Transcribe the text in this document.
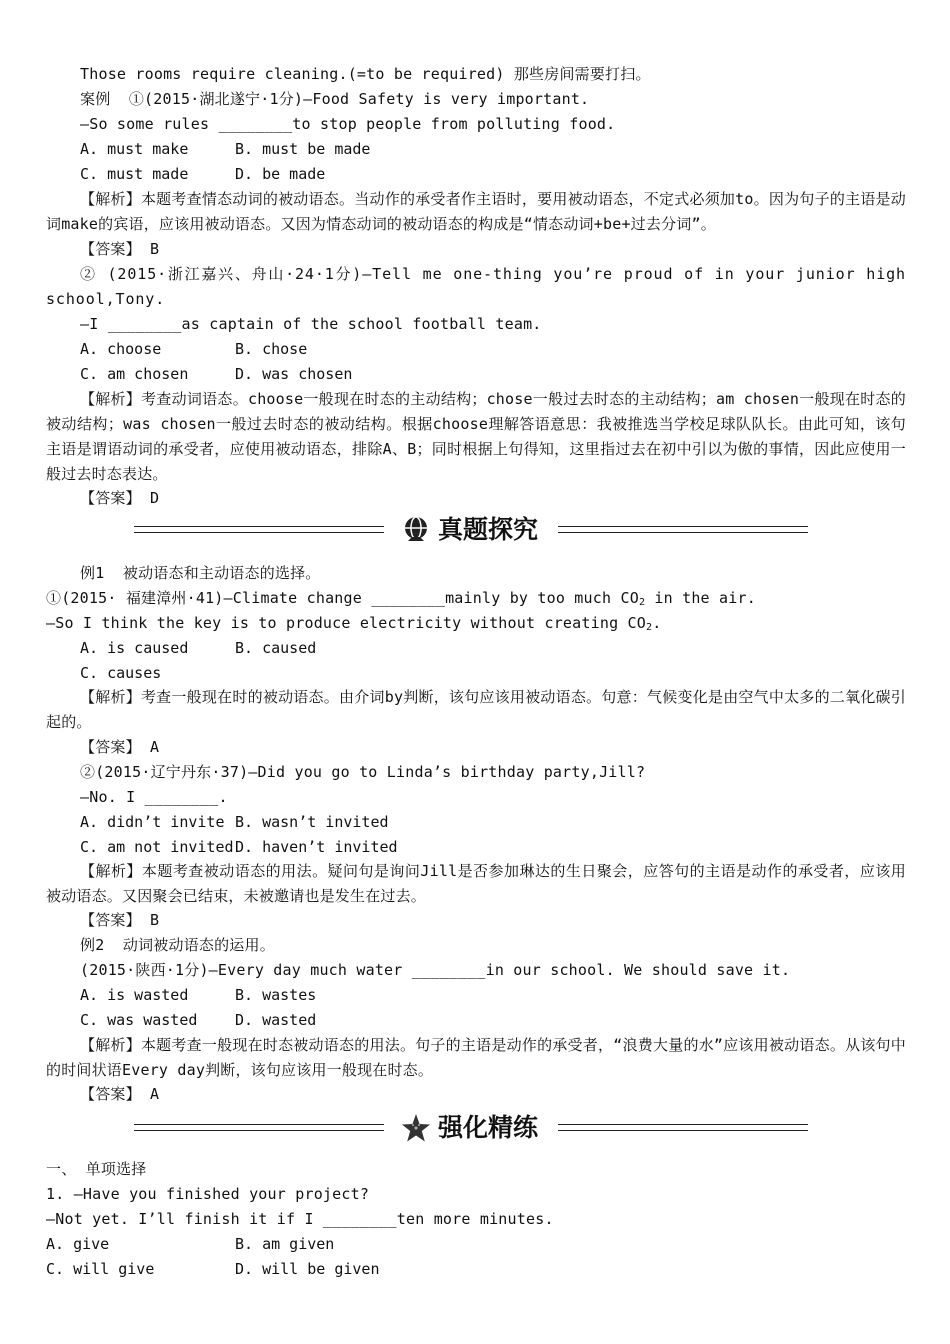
Those rooms require cleaning.(=to be required) 那些房间需要打扫。
案例  ①(2015·湖北遂宁·1分)—Food Safety is very important.
—So some rules ________to stop people from polluting food.
A. must make	B. must be made
C. must made	D. be made
【解析】本题考查情态动词的被动语态。当动作的承受者作主语时，要用被动语态，不定式必须加to。因为句子的主语是动词make的宾语，应该用被动语态。又因为情态动词的被动语态的构成是“情态动词+be+过去分词”。
【答案】 B
② (2015·浙江嘉兴、舟山·24·1分)—Tell me one-thing you’re proud of in your junior high school,Tony.
—I ________as captain of the school football team.
A. choose	B. chose
C. am chosen	D. was chosen
【解析】考查动词语态。choose一般现在时态的主动结构；chose一般过去时态的主动结构；am chosen一般现在时态的被动结构；was chosen一般过去时态的被动结构。根据choose理解答语意思：我被推选当学校足球队队长。由此可知，该句主语是谓语动词的承受者，应使用被动语态，排除A、B；同时根据上句得知，这里指过去在初中引以为傲的事情，因此应使用一般过去时态表达。
【答案】 D
真题探究
例1  被动语态和主动语态的选择。
①(2015· 福建漳州·41)—Climate change ________mainly by too much $CO_2$ in the air.
—So I think the key is to produce electricity without creating $CO_2$.
A. is caused	B. caused
C. causes
【解析】考查一般现在时的被动语态。由介词by判断，该句应该用被动语态。句意：气候变化是由空气中太多的二氧化碳引起的。
【答案】 A
②(2015·辽宁丹东·37)—Did you go to Linda’s birthday party,Jill?
—No. I ________.
A. didn’t invite B. wasn’t invited
C. am not invited D. haven’t invited
【解析】本题考查被动语态的用法。疑问句是询问Jill是否参加琳达的生日聚会，应答句的主语是动作的承受者，应该用被动语态。又因聚会已结束，未被邀请也是发生在过去。
【答案】 B
例2  动词被动语态的运用。
(2015·陕西·1分)—Every day much water ________in our school. We should save it.
A. is wasted	B. wastes
C. was wasted	D. wasted
【解析】本题考查一般现在时态被动语态的用法。句子的主语是动作的承受者，“浪费大量的水”应该用被动语态。从该句中的时间状语Every day判断，该句应该用一般现在时态。
【答案】 A
强化精练
一、 单项选择
1. —Have you finished your project?
—Not yet. I’ll finish it if I ________ten more minutes.
A. give	B. am given
C. will give	D. will be given
